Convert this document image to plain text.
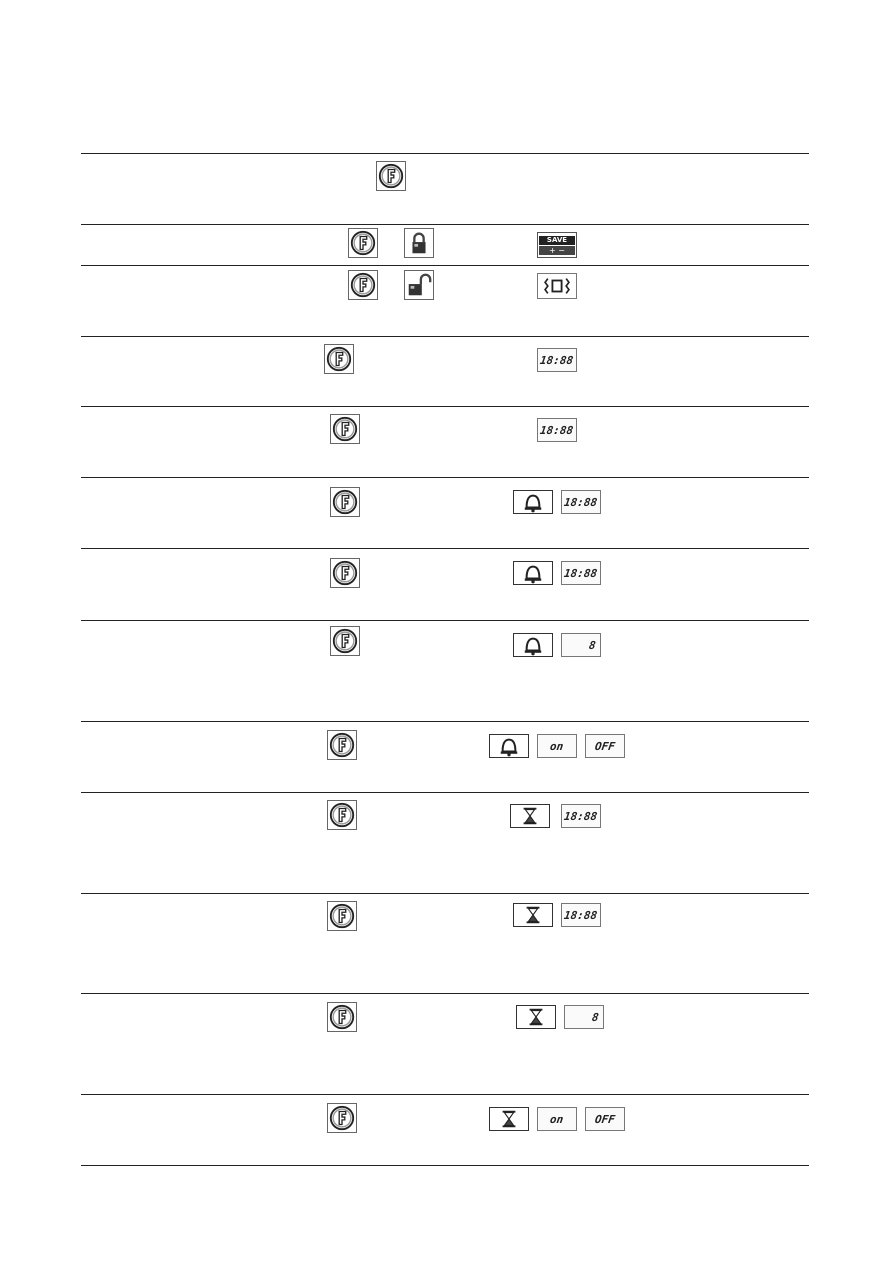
SAVE
+ −
18:88
18:88
18:88
18:88
8
on	OFF
18:88
18:88
8
on	OFF
